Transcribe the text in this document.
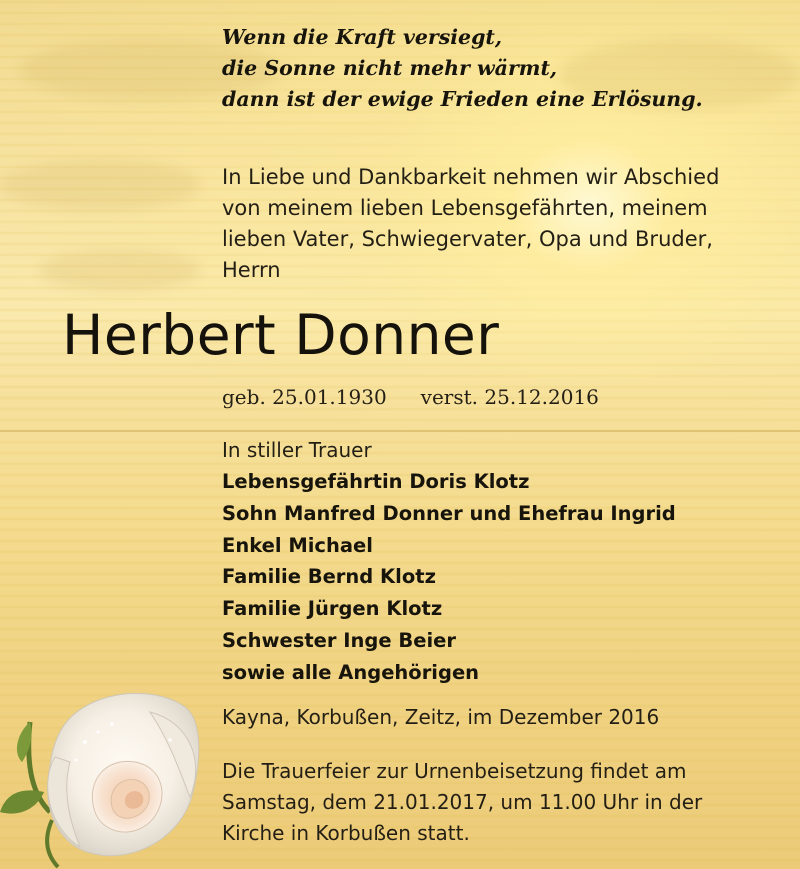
Wenn die Kraft versiegt,
die Sonne nicht mehr wärmt,
dann ist der ewige Frieden eine Erlösung.
In Liebe und Dankbarkeit nehmen wir Abschied
von meinem lieben Lebensgefährten, meinem
lieben Vater, Schwiegervater, Opa und Bruder,
Herrn
Herbert Donner
geb. 25.01.1930 verst. 25.12.2016
In stiller Trauer
Lebensgefährtin Doris Klotz
Sohn Manfred Donner und Ehefrau Ingrid
Enkel Michael
Familie Bernd Klotz
Familie Jürgen Klotz
Schwester Inge Beier
sowie alle Angehörigen
Kayna, Korbußen, Zeitz, im Dezember 2016
Die Trauerfeier zur Urnenbeisetzung findet am
Samstag, dem 21.01.2017, um 11.00 Uhr in der
Kirche in Korbußen statt.
